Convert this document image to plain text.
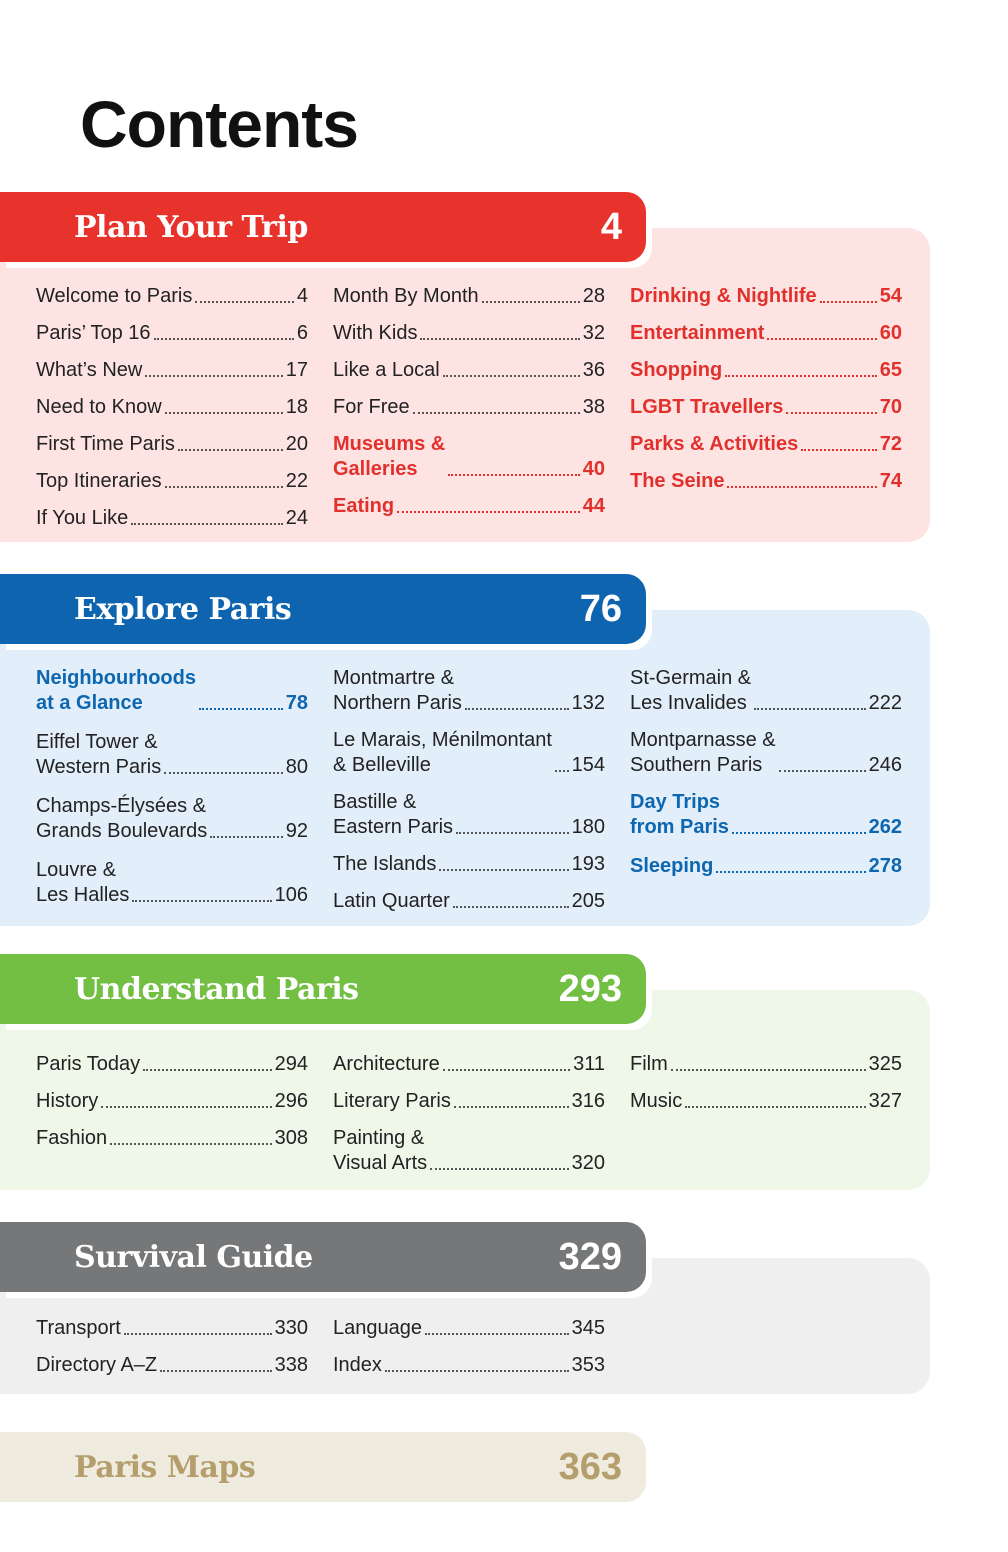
Contents
Plan Your Trip	4
Welcome to Paris	4
Paris’ Top 16	6
What’s New	17
Need to Know	18
First Time Paris	20
Top Itineraries	22
If You Like	24
Month By Month	28
With Kids	32
Like a Local	36
For Free	38
Museums &
Galleries	40
Eating	44
Drinking & Nightlife	54
Entertainment	60
Shopping	65
LGBT Travellers	70
Parks & Activities	72
The Seine	74
Explore Paris	76
Neighbourhoods
at a Glance	78
Eiffel Tower &
Western Paris	80
Champs-Élysées &
Grands Boulevards	92
Louvre &
Les Halles	106
Montmartre &
Northern Paris	132
Le Marais, Ménilmontant
& Belleville	154
Bastille &
Eastern Paris	180
The Islands	193
Latin Quarter	205
St-Germain &
Les Invalides	222
Montparnasse &
Southern Paris	246
Day Trips
from Paris	262
Sleeping	278
Understand Paris	293
Paris Today	294
History	296
Fashion	308
Architecture	311
Literary Paris	316
Painting &
Visual Arts	320
Film	325
Music	327
Survival Guide	329
Transport	330
Directory A–Z	338
Language	345
Index	353
Paris Maps	363
